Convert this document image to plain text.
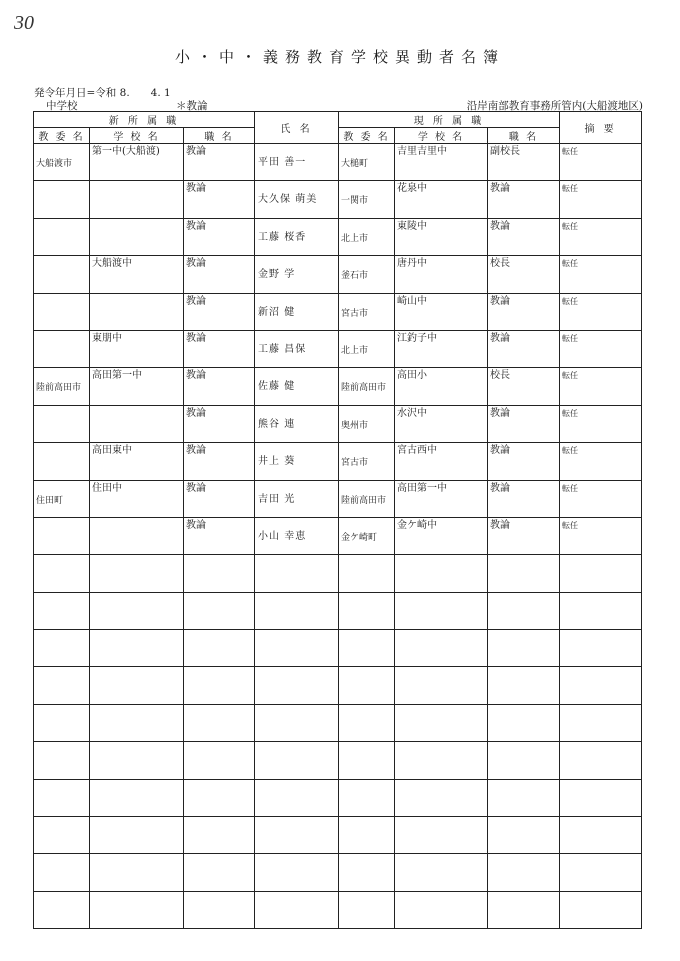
30
小・中・義務教育学校異動者名簿
発令年月日=令和 8.　　4. 1
中学校	＊教論	沿岸南部教育事務所管内(大船渡地区)
新 所 属 職			氏 名	現 所 属 職			摘 要
教 委 名	学 校 名	職 名		教 委 名	学 校 名	職 名	

大船渡市	第一中(大船渡)	教論	平田 善一	大槌町	吉里吉里中	副校長	転任

		教論	大久保 萌美	一関市	花泉中	教論	転任

		教論	工藤 桜香	北上市	東陵中	教論	転任

	大船渡中	教論	金野 学	釜石市	唐丹中	校長	転任

		教論	新沼 健	宮古市	崎山中	教論	転任

	東朋中	教論	工藤 昌保	北上市	江釣子中	教論	転任

陸前高田市	高田第一中	教論	佐藤 健	陸前高田市	高田小	校長	転任

		教論	熊谷 連	奥州市	水沢中	教論	転任

	高田東中	教論	井上 葵	宮古市	宮古西中	教論	転任

住田町	住田中	教論	吉田 光	陸前高田市	高田第一中	教論	転任

		教論	小山 幸恵	金ケ崎町	金ケ崎中	教論	転任
